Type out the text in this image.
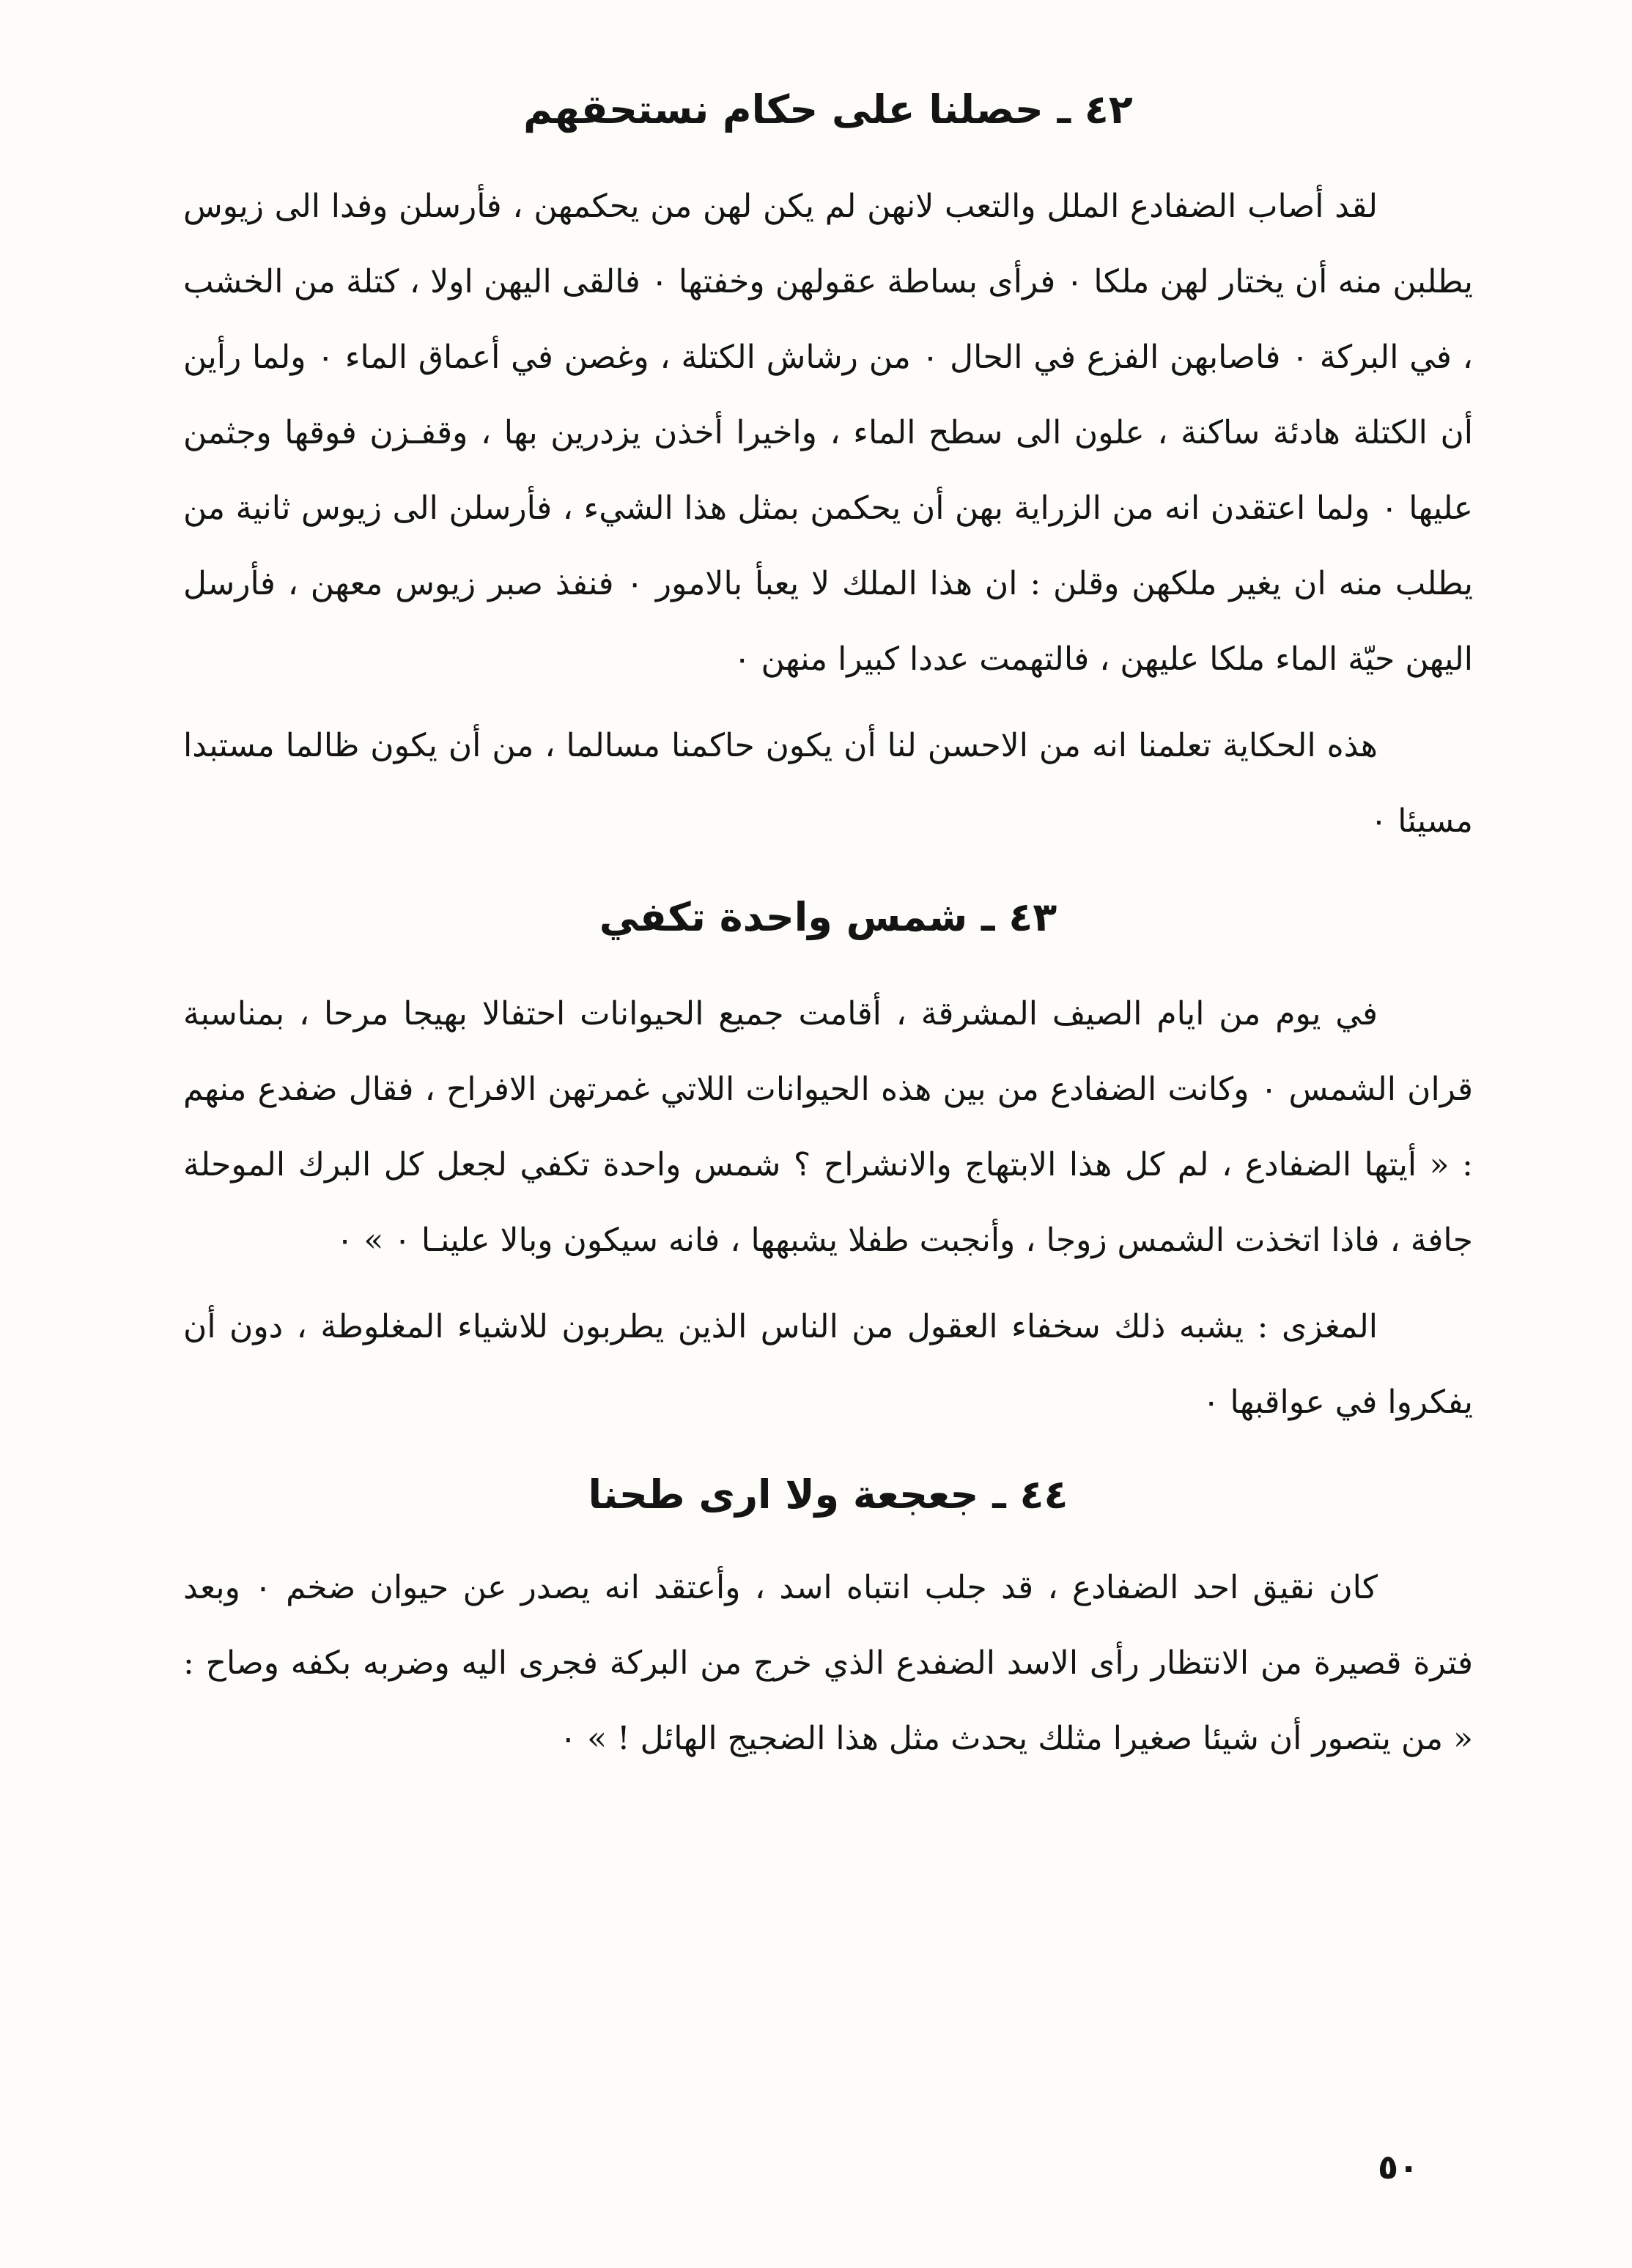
٤٢ ـ حصلنا على حكام نستحقهم

لقد أصاب الضفادع الملل والتعب لانهن لم يكن لهن من يحكمهن ، فأرسلن وفدا الى زيوس يطلبن منه أن يختار لهن ملكا ٠ فرأى بساطة عقولهن وخفتها ٠ فالقى اليهن اولا ، كتلة من الخشب ، في البركة ٠ فاصابهن الفزع في الحال ٠ من رشاش الكتلة ، وغصن في أعماق الماء ٠ ولما رأين أن الكتلة هادئة ساكنة ، علون الى سطح الماء ، واخيرا أخذن يزدرين بها ، وقفـزن فوقها وجثمن عليها ٠ ولما اعتقدن انه من الزراية بهن أن يحكمن بمثل هذا الشيء ، فأرسلن الى زيوس ثانية من يطلب منه ان يغير ملكهن وقلن : ان هذا الملك لا يعبأ بالامور ٠ فنفذ صبر زيوس معهن ، فأرسل اليهن حيّة الماء ملكا عليهن ، فالتهمت عددا كبيرا منهن ٠

هذه الحكاية تعلمنا انه من الاحسن لنا أن يكون حاكمنا مسالما ، من أن يكون ظالما مستبدا مسيئا ٠

٤٣ ـ شمس واحدة تكفي

في يوم من ايام الصيف المشرقة ، أقامت جميع الحيوانات احتفالا بهيجا مرحا ، بمناسبة قران الشمس ٠ وكانت الضفادع من بين هذه الحيوانات اللاتي غمرتهن الافراح ، فقال ضفدع منهم : « أيتها الضفادع ، لم كل هذا الابتهاج والانشراح ؟ شمس واحدة تكفي لجعل كل البرك الموحلة جافة ، فاذا اتخذت الشمس زوجا ، وأنجبت طفلا يشبهها ، فانه سيكون وبالا علينـا ٠ » ٠

المغزى : يشبه ذلك سخفاء العقول من الناس الذين يطربون للاشياء المغلوطة ، دون أن يفكروا في عواقبها ٠

٤٤ ـ جعجعة ولا ارى طحنا

كان نقيق احد الضفادع ، قد جلب انتباه اسد ، وأعتقد انه يصدر عن حيوان ضخم ٠ وبعد فترة قصيرة من الانتظار رأى الاسد الضفدع الذي خرج من البركة فجرى اليه وضربه بكفه وصاح : « من يتصور أن شيئا صغيرا مثلك يحدث مثل هذا الضجيج الهائل ! » ٠

٥٠
